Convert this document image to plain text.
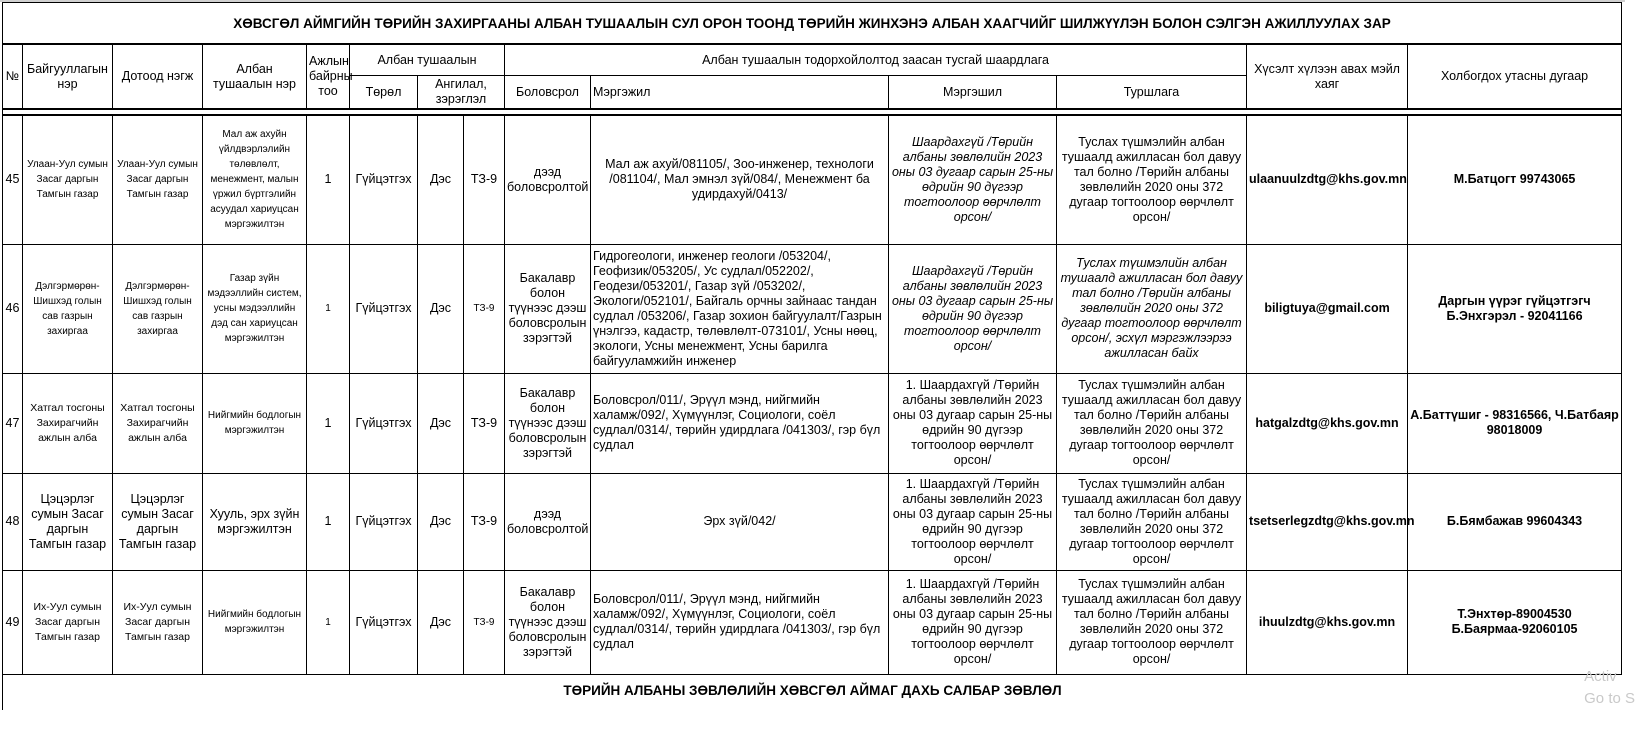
ХӨВСГӨЛ АЙМГИЙН ТӨРИЙН ЗАХИРГААНЫ АЛБАН ТУШААЛЫН СУЛ ОРОН ТООНД ТӨРИЙН ЖИНХЭНЭ АЛБАН ХААГЧИЙГ ШИЛЖҮҮЛЭН БОЛОН СЭЛГЭН АЖИЛЛУУЛАХ ЗАР
№	Байгууллагын нэр	Дотоод нэгж	Албан тушаалын нэр	Ажлын байрны тоо	Албан тушаалын			Албан тушаалын тодорхойлолтод заасан тусгай шаардлага				Хүсэлт хүлээн авах мэйл хаяг	Холбогдох утасны дугаар
					Төрөл	Ангилал, зэрэглэл		Боловсрол	Мэргэжил	Мэргэшил	Туршлага		

45	Улаан-Уул сумын Засаг даргын Тамгын газар	Улаан-Уул сумын Засаг даргын Тамгын газар	Мал аж ахуйн үйлдвэрлэлийн төлөвлөлт, менежмент, малын үржил бүртгэлийн асуудал хариуцсан мэргэжилтэн	1	Гүйцэтгэх	Дэс	ТЗ-9	дээд боловсролтой	Мал аж ахуй/081105/, Зоо-инженер, технологи /081104/, Мал эмнэл зүй/084/, Менежмент ба удирдахуй/0413/	Шаардахгүй /Төрийн албаны зөвлөлийн 2023 оны 03 дугаар сарын 25-ны өдрийн 90 дүгээр тогтоолоор өөрчлөлт орсон/	Туслах түшмэлийн албан тушаалд ажилласан бол давуу тал болно /Төрийн албаны зөвлөлийн 2020 оны 372 дугаар тогтоолоор өөрчлөлт орсон/	ulaanuulzdtg@khs.gov.mn	М.Батцогт 99743065
46	Дэлгэрмөрөн-Шишхэд голын сав газрын захиргаа	Дэлгэрмөрөн-Шишхэд голын сав газрын захиргаа	Газар зүйн мэдээллийн систем, усны мэдээллийн дэд сан хариуцсан мэргэжилтэн	1	Гүйцэтгэх	Дэс	ТЗ-9	Бакалавр болон түүнээс дээш боловсролын зэрэгтэй	Гидрогеологи, инженер геологи /053204/, Геофизик/053205/, Ус судлал/052202/, Геодези/053201/, Газар зүй /053202/, Экологи/052101/, Байгаль орчны зайнаас тандан судлал /053206/, Газар зохион байгуулалт/Газрын үнэлгээ, кадастр, төлөвлөлт-073101/, Усны нөөц, экологи, Усны менежмент, Усны барилга байгууламжийн инженер	Шаардахгүй /Төрийн албаны зөвлөлийн 2023 оны 03 дугаар сарын 25-ны өдрийн 90 дүгээр тогтоолоор өөрчлөлт орсон/	Туслах түшмэлийн албан тушаалд ажилласан бол давуу тал болно /Төрийн албаны зөвлөлийн 2020 оны 372 дугаар тогтоолоор өөрчлөлт орсон/, эсхүл мэргэжлээрээ ажилласан байх	biligtuya@gmail.com	Даргын үүрэг гүйцэтгэгч Б.Энхгэрэл - 92041166
47	Хатгал тосгоны Захирагчийн ажлын алба	Хатгал тосгоны Захирагчийн ажлын алба	Нийгмийн бодлогын мэргэжилтэн	1	Гүйцэтгэх	Дэс	ТЗ-9	Бакалавр болон түүнээс дээш боловсролын зэрэгтэй	Боловсрол/011/, Эрүүл мэнд, нийгмийн халамж/092/, Хүмүүнлэг, Социологи, соёл судлал/0314/, төрийн удирдлага /041303/, гэр бүл судлал	1. Шаардахгүй /Төрийн албаны зөвлөлийн 2023 оны 03 дугаар сарын 25-ны өдрийн 90 дүгээр тогтоолоор өөрчлөлт орсон/	Туслах түшмэлийн албан тушаалд ажилласан бол давуу тал болно /Төрийн албаны зөвлөлийн 2020 оны 372 дугаар тогтоолоор өөрчлөлт орсон/	hatgalzdtg@khs.gov.mn	А.Баттүшиг - 98316566, Ч.Батбаяр 98018009
48	Цэцэрлэг сумын Засаг даргын Тамгын газар	Цэцэрлэг сумын Засаг даргын Тамгын газар	Хууль, эрх зүйн мэргэжилтэн	1	Гүйцэтгэх	Дэс	ТЗ-9	дээд боловсролтой	Эрх зүй/042/	1. Шаардахгүй /Төрийн албаны зөвлөлийн 2023 оны 03 дугаар сарын 25-ны өдрийн 90 дүгээр тогтоолоор өөрчлөлт орсон/	Туслах түшмэлийн албан тушаалд ажилласан бол давуу тал болно /Төрийн албаны зөвлөлийн 2020 оны 372 дугаар тогтоолоор өөрчлөлт орсон/	tsetserlegzdtg@khs.gov.mn	Б.Бямбажав 99604343
49	Их-Уул сумын Засаг даргын Тамгын газар	Их-Уул сумын Засаг даргын Тамгын газар	Нийгмийн бодлогын мэргэжилтэн	1	Гүйцэтгэх	Дэс	ТЗ-9	Бакалавр болон түүнээс дээш боловсролын зэрэгтэй	Боловсрол/011/, Эрүүл мэнд, нийгмийн халамж/092/, Хүмүүнлэг, Социологи, соёл судлал/0314/, төрийн удирдлага /041303/, гэр бүл судлал	1. Шаардахгүй /Төрийн албаны зөвлөлийн 2023 оны 03 дугаар сарын 25-ны өдрийн 90 дүгээр тогтоолоор өөрчлөлт орсон/	Туслах түшмэлийн албан тушаалд ажилласан бол давуу тал болно /Төрийн албаны зөвлөлийн 2020 оны 372 дугаар тогтоолоор өөрчлөлт орсон/	ihuulzdtg@khs.gov.mn	Т.Энхтөр-89004530 Б.Баярмаа-92060105
ТӨРИЙН АЛБАНЫ ЗӨВЛӨЛИЙН ХӨВСГӨЛ АЙМАГ ДАХЬ САЛБАР ЗӨВЛӨЛ
Activ
Go to S
